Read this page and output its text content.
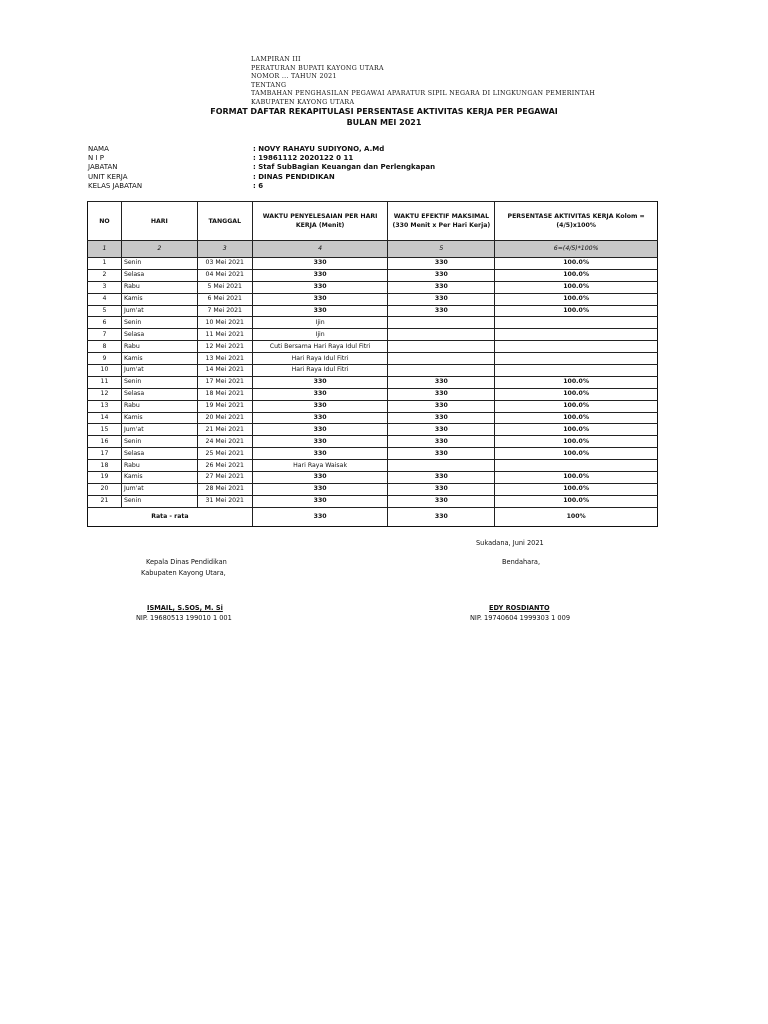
LAMPIRAN III
PERATURAN BUPATI KAYONG UTARA
NOMOR ... TAHUN 2021
TENTANG
TAMBAHAN PENGHASILAN PEGAWAI APARATUR SIPIL NEGARA DI LINGKUNGAN PEMERINTAH
KABUPATEN KAYONG UTARA
FORMAT DAFTAR REKAPITULASI PERSENTASE AKTIVITAS KERJA PER PEGAWAI
BULAN MEI 2021
NAMA	: NOVY RAHAYU SUDIYONO, A.Md
N I P	: 19861112 2020122 0 11
JABATAN	: Staf SubBagian Keuangan dan Perlengkapan
UNIT KERJA	: DINAS PENDIDIKAN
KELAS JABATAN	: 6
NO	HARI	TANGGAL	WAKTU PENYELESAIAN PER HARI KERJA (Menit)	WAKTU EFEKTIF MAKSIMAL (330 Menit x Per Hari Kerja)	PERSENTASE AKTIVITAS KERJA Kolom = (4/5)x100%
1	2	3	4	5	6=(4/5)*100%
1	Senin	03 Mei 2021	330	330	100.0%
2	Selasa	04 Mei 2021	330	330	100.0%
3	Rabu	5 Mei 2021	330	330	100.0%
4	Kamis	6 Mei 2021	330	330	100.0%
5	Jum'at	7 Mei 2021	330	330	100.0%
6	Senin	10 Mei 2021	Ijin		
7	Selasa	11 Mei 2021	Ijin		
8	Rabu	12 Mei 2021	Cuti Bersama Hari Raya Idul Fitri		
9	Kamis	13 Mei 2021	Hari Raya Idul Fitri		
10	Jum'at	14 Mei 2021	Hari Raya Idul Fitri		
11	Senin	17 Mei 2021	330	330	100.0%
12	Selasa	18 Mei 2021	330	330	100.0%
13	Rabu	19 Mei 2021	330	330	100.0%
14	Kamis	20 Mei 2021	330	330	100.0%
15	Jum'at	21 Mei 2021	330	330	100.0%
16	Senin	24 Mei 2021	330	330	100.0%
17	Selasa	25 Mei 2021	330	330	100.0%
18	Rabu	26 Mei 2021	Hari Raya Waisak		
19	Kamis	27 Mei 2021	330	330	100.0%
20	Jum'at	28 Mei 2021	330	330	100.0%
21	Senin	31 Mei 2021	330	330	100.0%
Rata - rata			330	330	100%
Sukadana, Juni 2021
Kepala Dinas Pendidikan
Kabupaten Kayong Utara,
Bendahara,
ISMAIL, S.SOS, M. Si
NIP. 19680513 199010 1 001
EDY ROSDIANTO
NIP. 19740604 1999303 1 009
